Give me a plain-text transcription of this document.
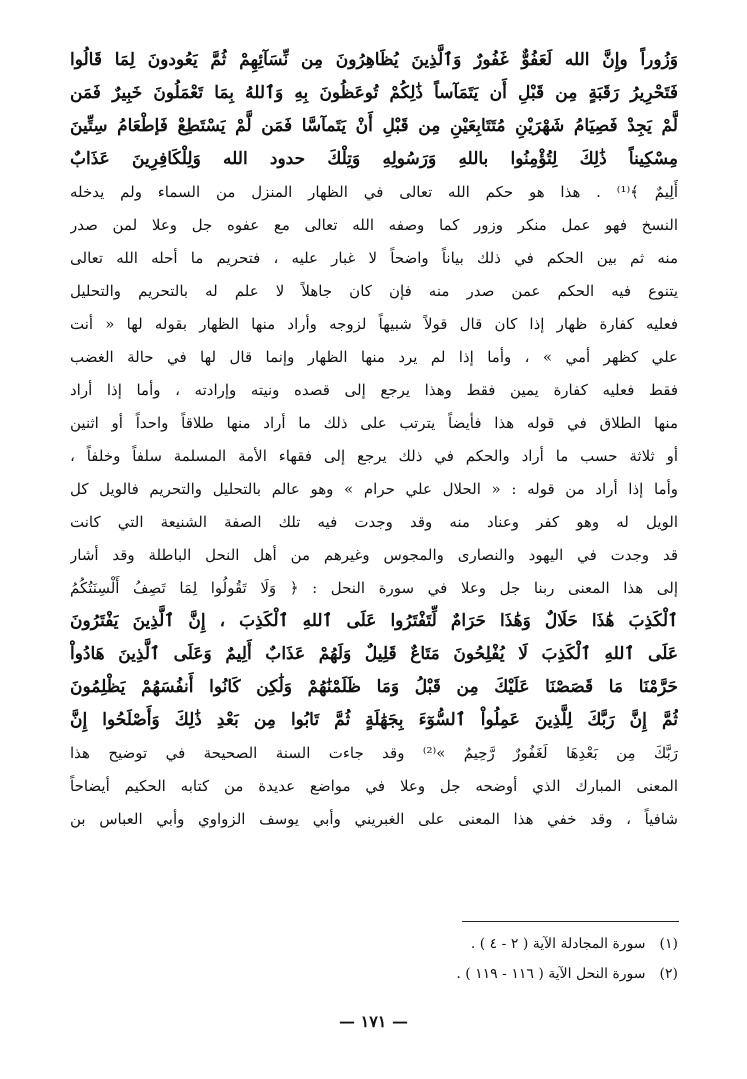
وَزُوراً وإِنَّ الله لَعَفُوٌّ غَفُورٌ وَٱلَّذِينَ يُظَاهِرُونَ مِن نِّسَآئِهِمْ ثُمَّ يَعُودونَ لِمَا قَالُوا
فَتَحْرِيرُ رَقَبَةٍ مِن قَبْلِ أَن يَتَمَآساً ذَٰلِكُمْ تُوعَظُونَ بِهِ وَٱللهُ بِمَا تَعْمَلُونَ خَبِيرٌ فَمَن
لَّمْ يَجِدْ فَصِيَامُ شَهْرَيْنِ مُتَتَابِعَيْنِ مِن قَبْلِ أَنْ يَتَمآسَّا فَمَن لَّمْ يَسْتَطِعْ فَإطْعَامُ سِتِّينَ
مِسْكِيناً ذَٰلِكَ لِتُؤْمِنُوا باللهِ وَرَسُولِهِ وَتِلْكَ حدود الله وَلِلْكَافِرِينَ عَذَابٌ
أَلِيمٌ ﴾⁽¹⁾ . هذا هو حكم الله تعالى في الظهار المنزل من السماء ولم يدخله
النسخ فهو عمل منكر وزور كما وصفه الله تعالى مع عفوه جل وعلا لمن صدر
منه ثم بين الحكم في ذلك بياناً واضحاً لا غبار عليه ، فتحريم ما أحله الله تعالى
يتنوع فيه الحكم عمن صدر منه فإن كان جاهلاً لا علم له بالتحريم والتحليل
فعليه كفارة ظهار إذا كان قال قولاً شبيهاً لزوجه وأراد منها الظهار بقوله لها « أنت
علي كظهر أمي » ، وأما إذا لم يرد منها الظهار وإنما قال لها في حالة الغضب
فقط فعليه كفارة يمين فقط وهذا يرجع إلى قصده ونيته وإرادته ، وأما إذا أراد
منها الطلاق في قوله هذا فأيضاً يترتب على ذلك ما أراد منها طلاقاً واحداً أو اثنين
أو ثلاثة حسب ما أراد والحكم في ذلك يرجع إلى فقهاء الأمة المسلمة سلفاً وخلفاً ،
وأما إذا أراد من قوله : « الحلال علي حرام » وهو عالم بالتحليل والتحريم فالويل كل
الويل له وهو كفر وعناد منه وقد وجدت فيه تلك الصفة الشنيعة التي كانت
قد وجدت في اليهود والنصارى والمجوس وغيرهم من أهل النحل الباطلة وقد أشار
إلى هذا المعنى ربنا جل وعلا في سورة النحل : ﴿ وَلَا تَقُولُوا لِمَا تَصِفُ أَلْسِنَتُكُمُ
ٱلْكَذِبَ هَٰذَا حَلَالٌ وَهَٰذَا حَرَامٌ لِّتَفْتَرُوا عَلَى ٱللهِ ٱلْكَذِبَ ، إِنَّ ٱلَّذِينَ يَفْتَرُونَ
عَلَى ٱللهِ ٱلْكَذِبَ لَا يُفْلِحُونَ مَتَاعٌ قَلِيلٌ وَلَهُمْ عَذَابٌ أَلِيمٌ وَعَلَى ٱلَّذِينَ هَادُواْ
حَرَّمْنَا مَا قَصَصْنَا عَلَيْكَ مِن قَبْلُ وَمَا ظَلَمْنَٰهُمْ وَلَٰكِن كَانُوا أَنفُسَهُمْ يَظْلِمُونَ
ثُمَّ إِنَّ رَبَّكَ لِلَّذِينَ عَمِلُواْ ٱلسُّوٓءَ بِجَهَٰلَةٍ ثُمَّ تَابُوا مِن بَعْدِ ذَٰلِكَ وَأَصْلَحُوا إِنَّ
رَبَّكَ مِن بَعْدِهَا لَغَفُورٌ رَّحِيمٌ »⁽²⁾ وقد جاءت السنة الصحيحة في توضيح هذا
المعنى المبارك الذي أوضحه جل وعلا في مواضع عديدة من كتابه الحكيم أيضاحاً
شافياً ، وقد خفي هذا المعنى على الغبريني وأبي يوسف الزواوي وأبي العباس بن
(١)سورة المجادلة الآية ( ٢ - ٤ ) .
(٢)سورة النحل الآية ( ١١٦ - ١١٩ ) .
— ١٧١ —
